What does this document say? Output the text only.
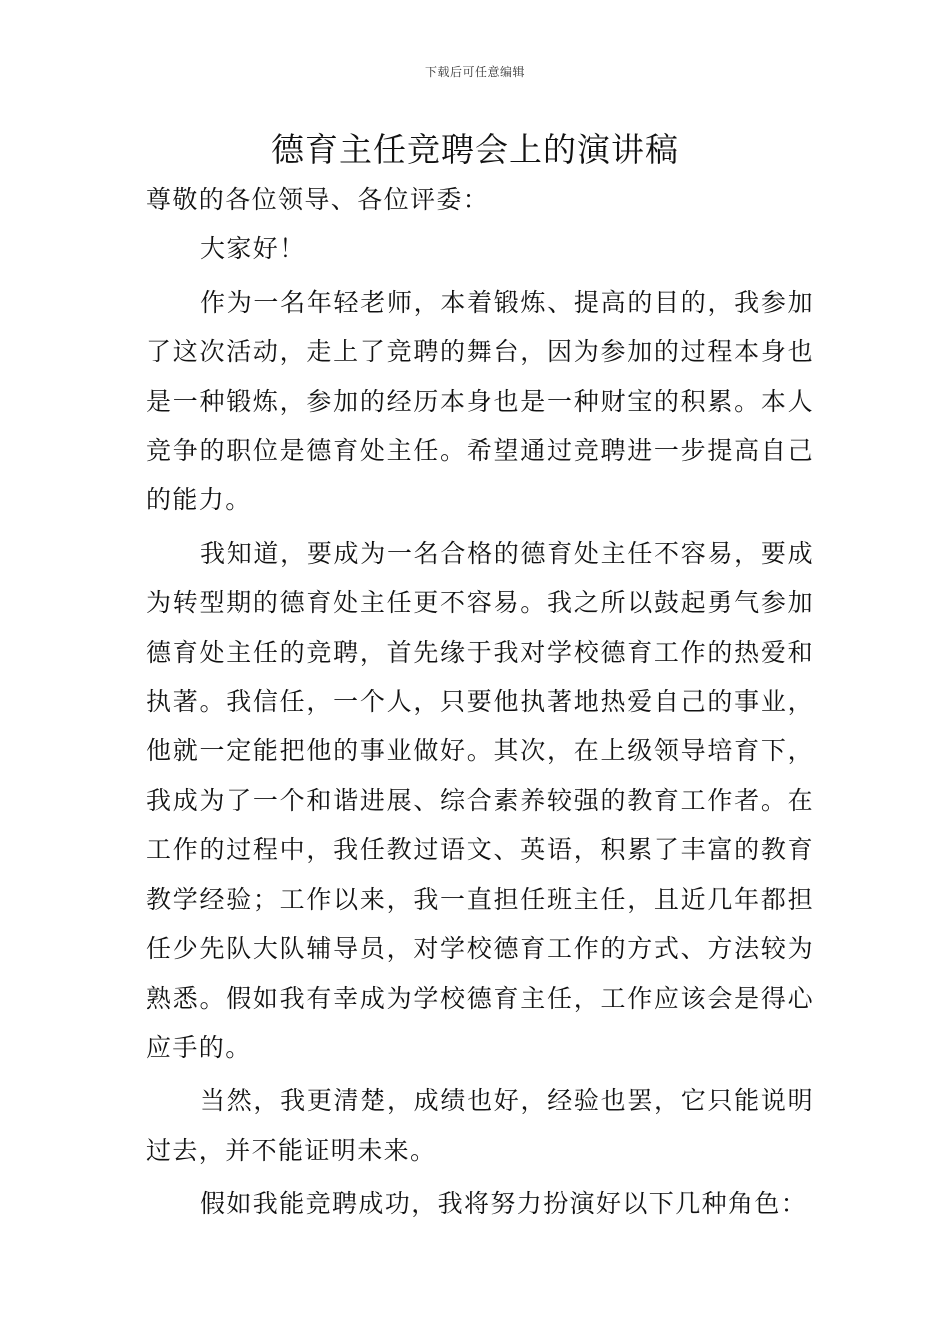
下载后可任意编辑
德育主任竞聘会上的演讲稿

尊敬的各位领导、各位评委：

大家好！

作为一名年轻老师，本着锻炼、提高的目的，我参加了这次活动，走上了竞聘的舞台，因为参加的过程本身也是一种锻炼，参加的经历本身也是一种财宝的积累。本人竞争的职位是德育处主任。希望通过竞聘进一步提高自己的能力。

我知道，要成为一名合格的德育处主任不容易，要成为转型期的德育处主任更不容易。我之所以鼓起勇气参加德育处主任的竞聘，首先缘于我对学校德育工作的热爱和执著。我信任，一个人，只要他执著地热爱自己的事业，他就一定能把他的事业做好。其次，在上级领导培育下，我成为了一个和谐进展、综合素养较强的教育工作者。在工作的过程中，我任教过语文、英语，积累了丰富的教育教学经验；工作以来，我一直担任班主任，且近几年都担任少先队大队辅导员，对学校德育工作的方式、方法较为熟悉。假如我有幸成为学校德育主任，工作应该会是得心应手的。

当然，我更清楚，成绩也好，经验也罢，它只能说明过去，并不能证明未来。

假如我能竞聘成功，我将努力扮演好以下几种角色：
